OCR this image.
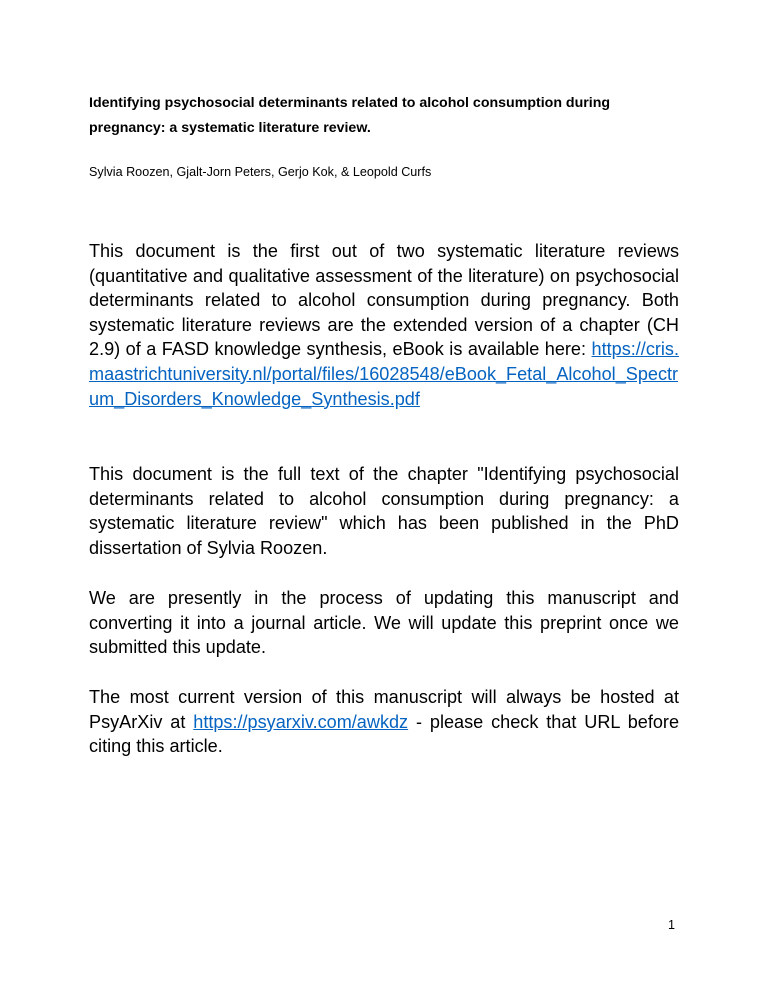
Identifying psychosocial determinants related to alcohol consumption during pregnancy: a systematic literature review.

Sylvia Roozen, Gjalt-Jorn Peters, Gerjo Kok, & Leopold Curfs

This document is the first out of two systematic literature reviews (quantitative and qualitative assessment of the literature) on psychosocial determinants related to alcohol consumption during pregnancy. Both systematic literature reviews are the extended version of a chapter (CH 2.9) of a FASD knowledge synthesis, eBook is available here: https://cris.maastrichtuniversity.nl/portal/files/16028548/eBook_Fetal_Alcohol_Spectrum_Disorders_Knowledge_Synthesis.pdf

This document is the full text of the chapter "Identifying psychosocial determinants related to alcohol consumption during pregnancy: a systematic literature review" which has been published in the PhD dissertation of Sylvia Roozen.

We are presently in the process of updating this manuscript and converting it into a journal article. We will update this preprint once we submitted this update.

The most current version of this manuscript will always be hosted at PsyArXiv at https://psyarxiv.com/awkdz - please check that URL before citing this article.

1
